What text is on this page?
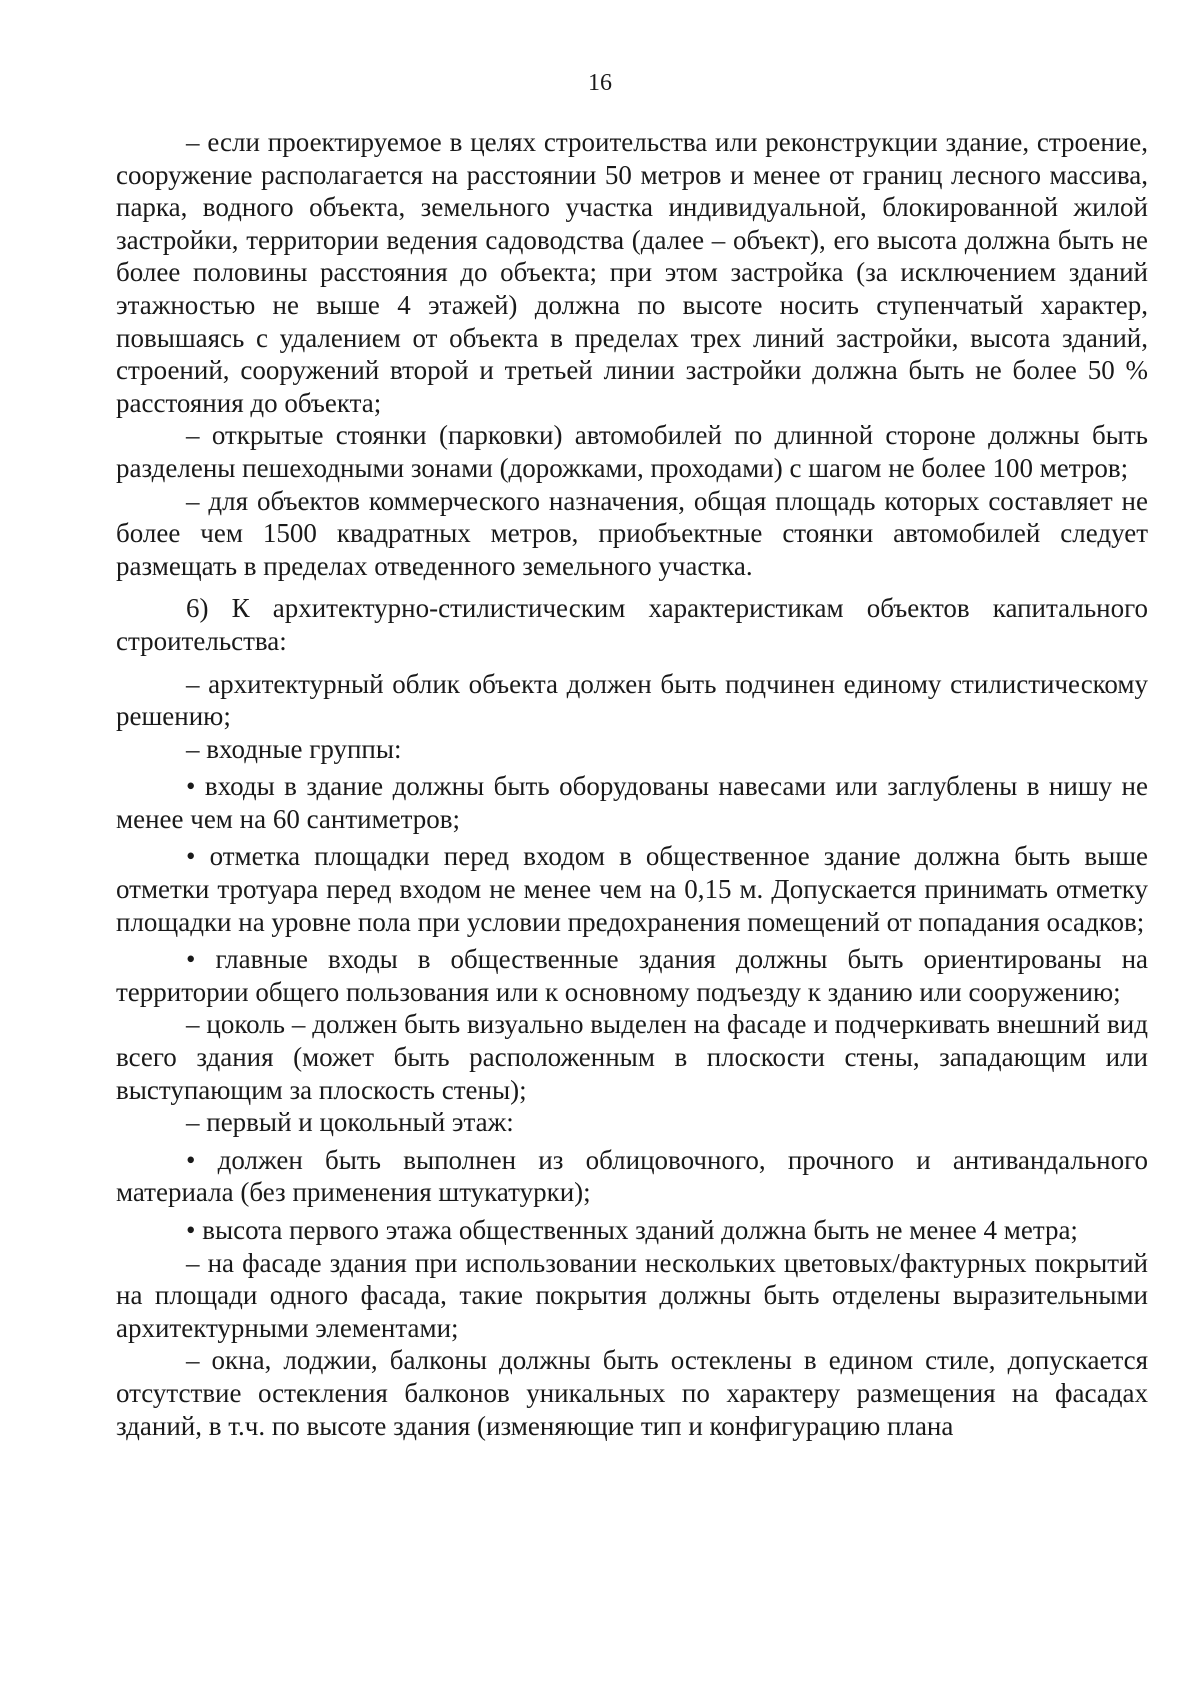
16

– если проектируемое в целях строительства или реконструкции здание, строение, сооружение располагается на расстоянии 50 метров и менее от границ лесного массива, парка, водного объекта, земельного участка индивидуальной, блокированной жилой застройки, территории ведения садоводства (далее – объект), его высота должна быть не более половины расстояния до объекта; при этом застройка (за исключением зданий этажностью не выше 4 этажей) должна по высоте носить ступенчатый характер, повышаясь с удалением от объекта в пределах трех линий застройки, высота зданий, строений, сооружений второй и третьей линии застройки должна быть не более 50 % расстояния до объекта;

– открытые стоянки (парковки) автомобилей по длинной стороне должны быть разделены пешеходными зонами (дорожками, проходами) с шагом не более 100 метров;

– для объектов коммерческого назначения, общая площадь которых составляет не более чем 1500 квадратных метров, приобъектные стоянки автомобилей следует размещать в пределах отведенного земельного участка.

6) К архитектурно-стилистическим характеристикам объектов капитального строительства:

– архитектурный облик объекта должен быть подчинен единому стилистическому решению;

– входные группы:

• входы в здание должны быть оборудованы навесами или заглублены в нишу не менее чем на 60 сантиметров;

• отметка площадки перед входом в общественное здание должна быть выше отметки тротуара перед входом не менее чем на 0,15 м. Допускается принимать отметку площадки на уровне пола при условии предохранения помещений от попадания осадков;

• главные входы в общественные здания должны быть ориентированы на территории общего пользования или к основному подъезду к зданию или сооружению;

– цоколь – должен быть визуально выделен на фасаде и подчеркивать внешний вид всего здания (может быть расположенным в плоскости стены, западающим или выступающим за плоскость стены);

– первый и цокольный этаж:

• должен быть выполнен из облицовочного, прочного и антивандального материала (без применения штукатурки);

• высота первого этажа общественных зданий должна быть не менее 4 метра;

– на фасаде здания при использовании нескольких цветовых/фактурных покрытий на площади одного фасада, такие покрытия должны быть отделены выразительными архитектурными элементами;

– окна, лоджии, балконы должны быть остеклены в едином стиле, допускается отсутствие остекления балконов уникальных по характеру размещения на фасадах зданий, в т.ч. по высоте здания (изменяющие тип и конфигурацию плана
